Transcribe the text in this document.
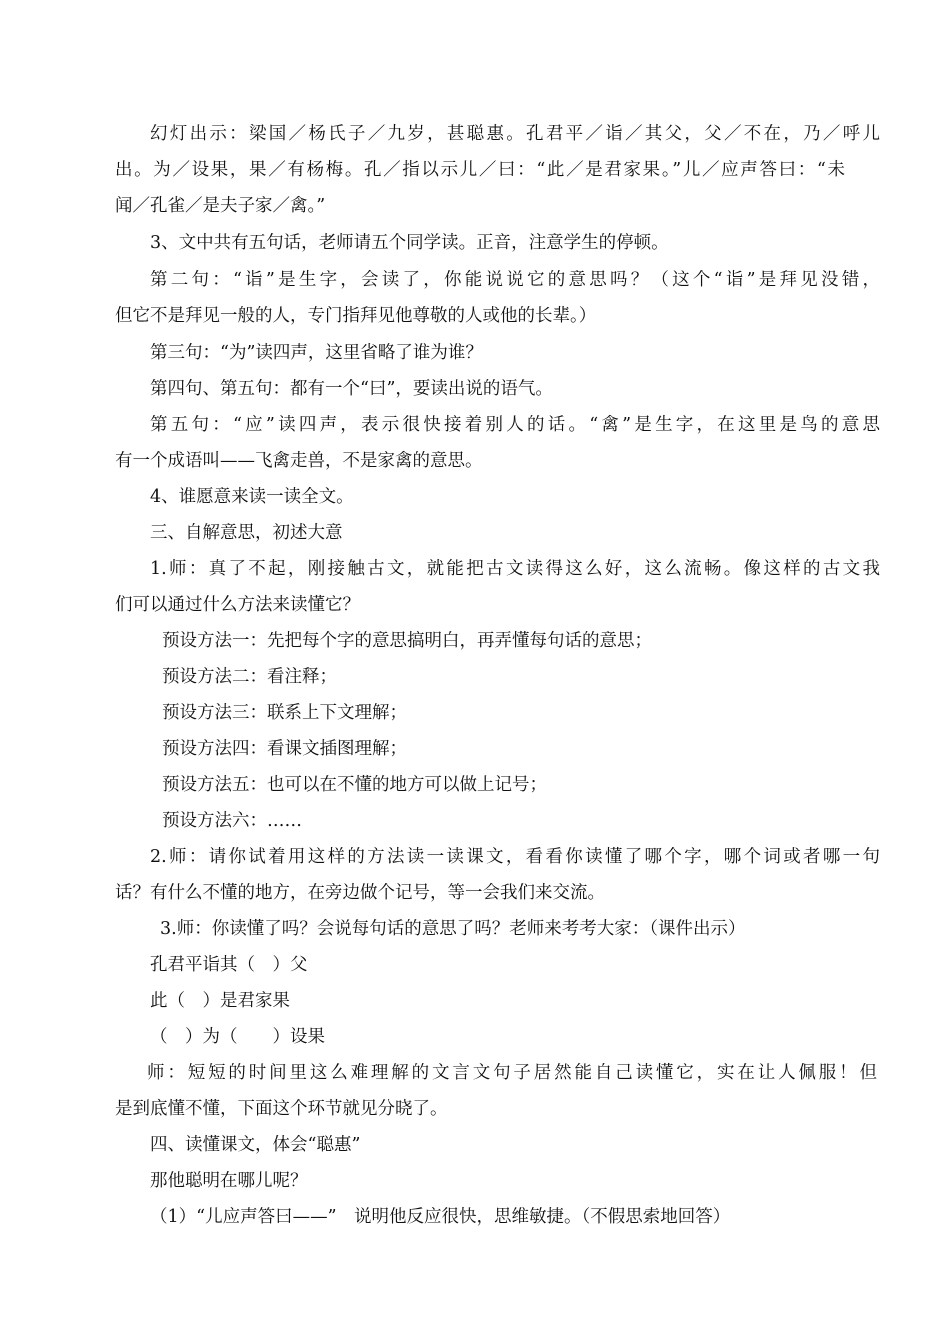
幻灯出示：梁国／杨氏子／九岁，甚聪惠。孔君平／诣／其父，父／不在，乃／呼儿
出。为／设果，果／有杨梅。孔／指以示儿／曰：“此／是君家果。”儿／应声答曰：“未
闻／孔雀／是夫子家／禽。”
3、文中共有五句话，老师请五个同学读。正音，注意学生的停顿。
第二句：“诣”是生字，会读了，你能说说它的意思吗？（这个“诣”是拜见没错，
但它不是拜见一般的人，专门指拜见他尊敬的人或他的长辈。）
第三句：“为”读四声，这里省略了谁为谁？
第四句、第五句：都有一个“曰”，要读出说的语气。
第五句：“应”读四声，表示很快接着别人的话。“禽”是生字，在这里是鸟的意思
有一个成语叫——飞禽走兽，不是家禽的意思。
4、谁愿意来读一读全文。
三、自解意思，初述大意
1.师：真了不起，刚接触古文，就能把古文读得这么好，这么流畅。像这样的古文我
们可以通过什么方法来读懂它？
预设方法一：先把每个字的意思搞明白，再弄懂每句话的意思；
预设方法二：看注释；
预设方法三：联系上下文理解；
预设方法四：看课文插图理解；
预设方法五：也可以在不懂的地方可以做上记号；
预设方法六：……
2.师：请你试着用这样的方法读一读课文，看看你读懂了哪个字，哪个词或者哪一句
话？有什么不懂的地方，在旁边做个记号，等一会我们来交流。
3.师：你读懂了吗？会说每句话的意思了吗？老师来考考大家：（课件出示）
孔君平诣其（　）父
此（　）是君家果
（　）为（　　）设果
师：短短的时间里这么难理解的文言文句子居然能自己读懂它，实在让人佩服！但
是到底懂不懂，下面这个环节就见分晓了。
四、读懂课文，体会“聪惠”
那他聪明在哪儿呢？
（1）“儿应声答曰——”　说明他反应很快，思维敏捷。（不假思索地回答）
